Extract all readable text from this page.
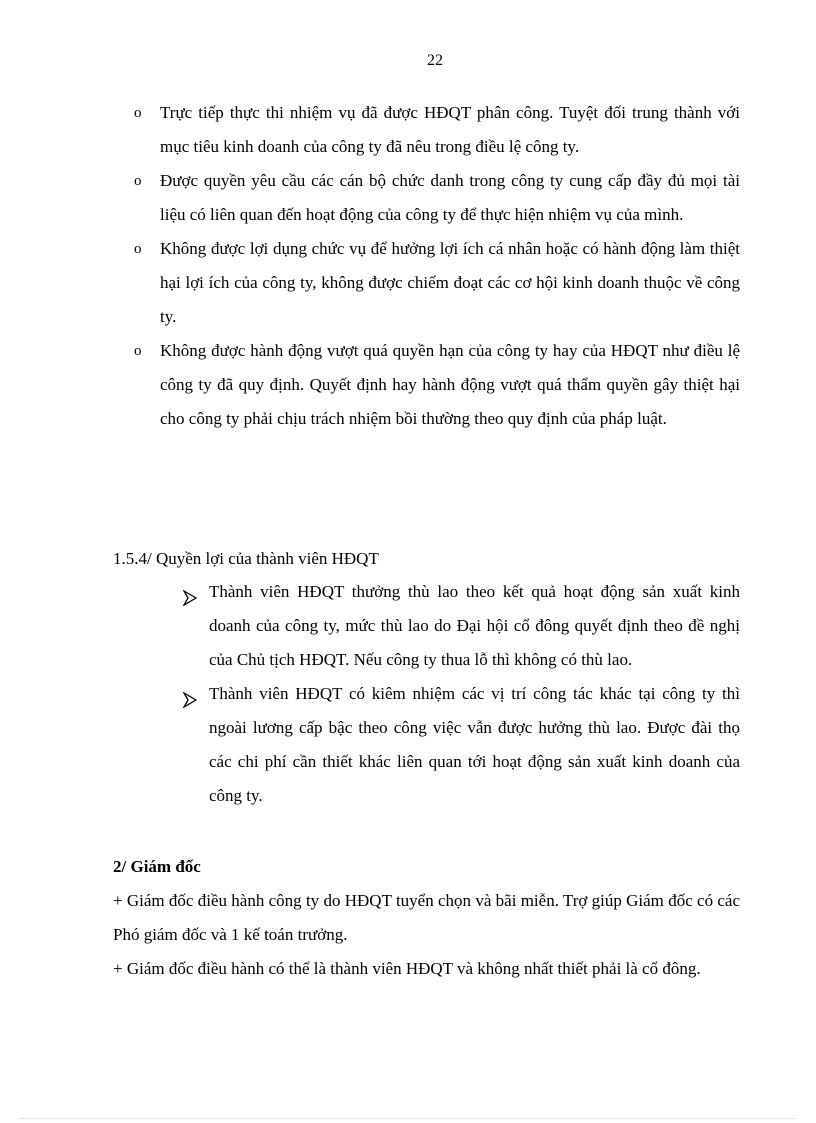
22
o	Trực tiếp thực thi nhiệm vụ đã được HĐQT phân công. Tuyệt đối trung thành với mục tiêu kinh doanh của công ty đã nêu trong điều lệ công ty.
o	Được quyền yêu cầu các cán bộ chức danh trong công ty cung cấp đầy đủ mọi tài liệu có liên quan đến hoạt động của công ty để thực hiện nhiệm vụ của mình.
o	Không được lợi dụng chức vụ để hưởng lợi ích cá nhân hoặc có hành động làm thiệt hại lợi ích của công ty, không được chiếm đoạt các cơ hội kinh doanh thuộc về công ty.
o	Không được hành động vượt quá quyền hạn của công ty hay của HĐQT như điều lệ công ty đã quy định. Quyết định hay hành động vượt quá thẩm quyền gây thiệt hại cho công ty phải chịu trách nhiệm bồi thường theo quy định của pháp luật.
1.5.4/ Quyền lợi của thành viên HĐQT
Thành viên HĐQT thưởng thù lao theo kết quả hoạt động sản xuất kinh doanh của công ty, mức thù lao do Đại hội cổ đông quyết định theo đề nghị của Chủ tịch HĐQT. Nếu công ty thua lỗ thì không có thù lao.
Thành viên HĐQT có kiêm nhiệm các vị trí công tác khác tại công ty thì ngoài lương cấp bậc theo công việc vẫn được hưởng thù lao. Được đài thọ các chi phí cần thiết khác liên quan tới hoạt động sản xuất kinh doanh của công ty.
2/ Giám đốc

+ Giám đốc điều hành công ty do HĐQT tuyển chọn và bãi miễn. Trợ giúp Giám đốc có các Phó giám đốc và 1 kế toán trưởng.

+ Giám đốc điều hành có thể là thành viên HĐQT và không nhất thiết phải là cổ đông.
